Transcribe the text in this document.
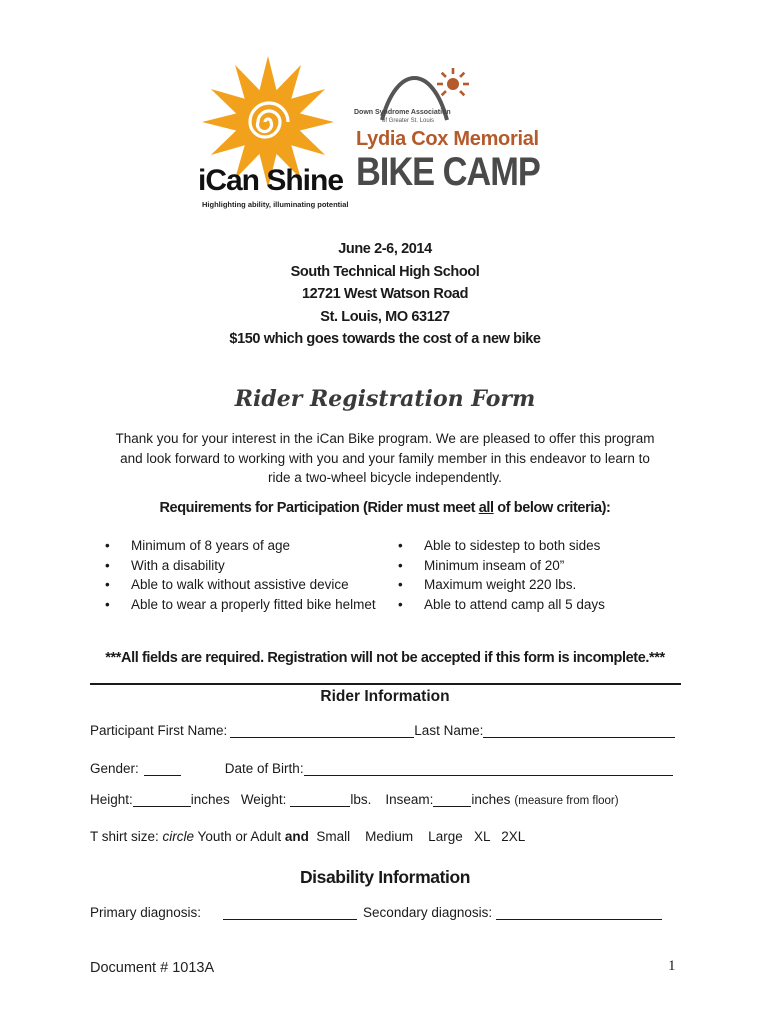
iCan Shine
Highlighting ability, illuminating potential
Down Syndrome Association
of Greater St. Louis
Lydia Cox Memorial
BIKE CAMP
June 2-6, 2014
South Technical High School
12721 West Watson Road
St. Louis, MO 63127
$150 which goes towards the cost of a new bike
Rider Registration Form
Thank you for your interest in the iCan Bike program. We are pleased to offer this program
and look forward to working with you and your family member in this endeavor to learn to
ride a two-wheel bicycle independently.
Requirements for Participation (Rider must meet all of below criteria):
• Minimum of 8 years of age
• With a disability
• Able to walk without assistive device
• Able to wear a properly fitted bike helmet
• Able to sidestep to both sides
• Minimum inseam of 20”
• Maximum weight 220 lbs.
• Able to attend camp all 5 days
***All fields are required. Registration will not be accepted if this form is incomplete.***
Rider Information
Participant First Name:	Last Name:
Gender:	Date of Birth:
Height:	inches Weight:	lbs. Inseam:	inches (measure from floor)
T shirt size: circle Youth or Adult and Small    Medium    Large   XL   2XL
Disability Information
Primary diagnosis:	Secondary diagnosis:
Document # 1013A	1
